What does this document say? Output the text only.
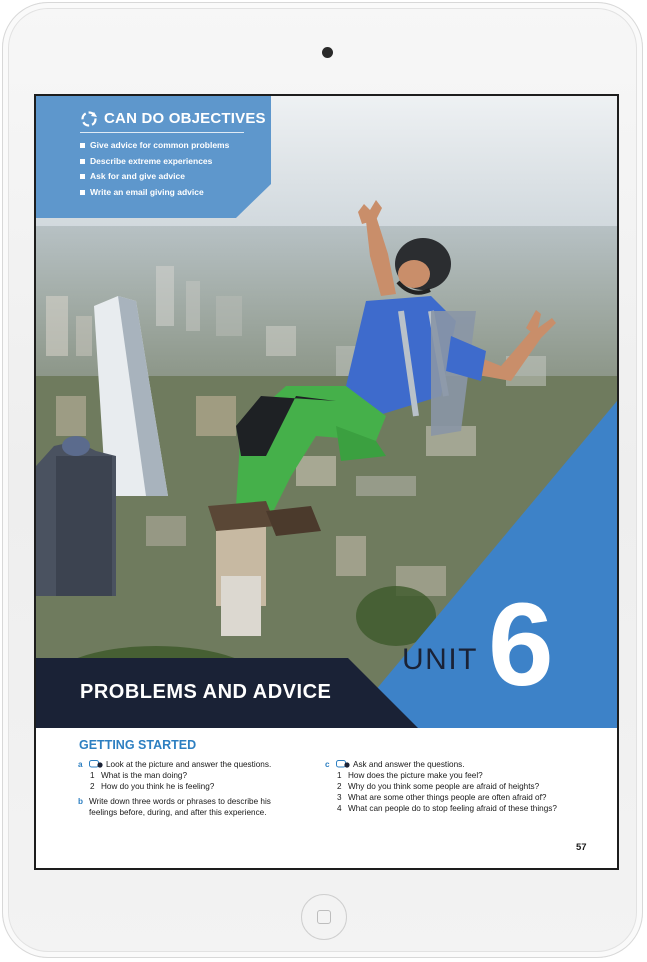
CAN DO OBJECTIVES
Give advice for common problems
Describe extreme experiences
Ask for and give advice
Write an email giving advice

UNIT 6

PROBLEMS AND ADVICE
GETTING STARTED
a	Look at the picture and answer the questions.
1 What is the man doing?
2 How do you think he is feeling?
b Write down three words or phrases to describe his
feelings before, during, and after this experience.
c	Ask and answer the questions.
1 How does the picture make you feel?
2 Why do you think some people are afraid of heights?
3 What are some other things people are often afraid of?
4 What can people do to stop feeling afraid of these things?

57
